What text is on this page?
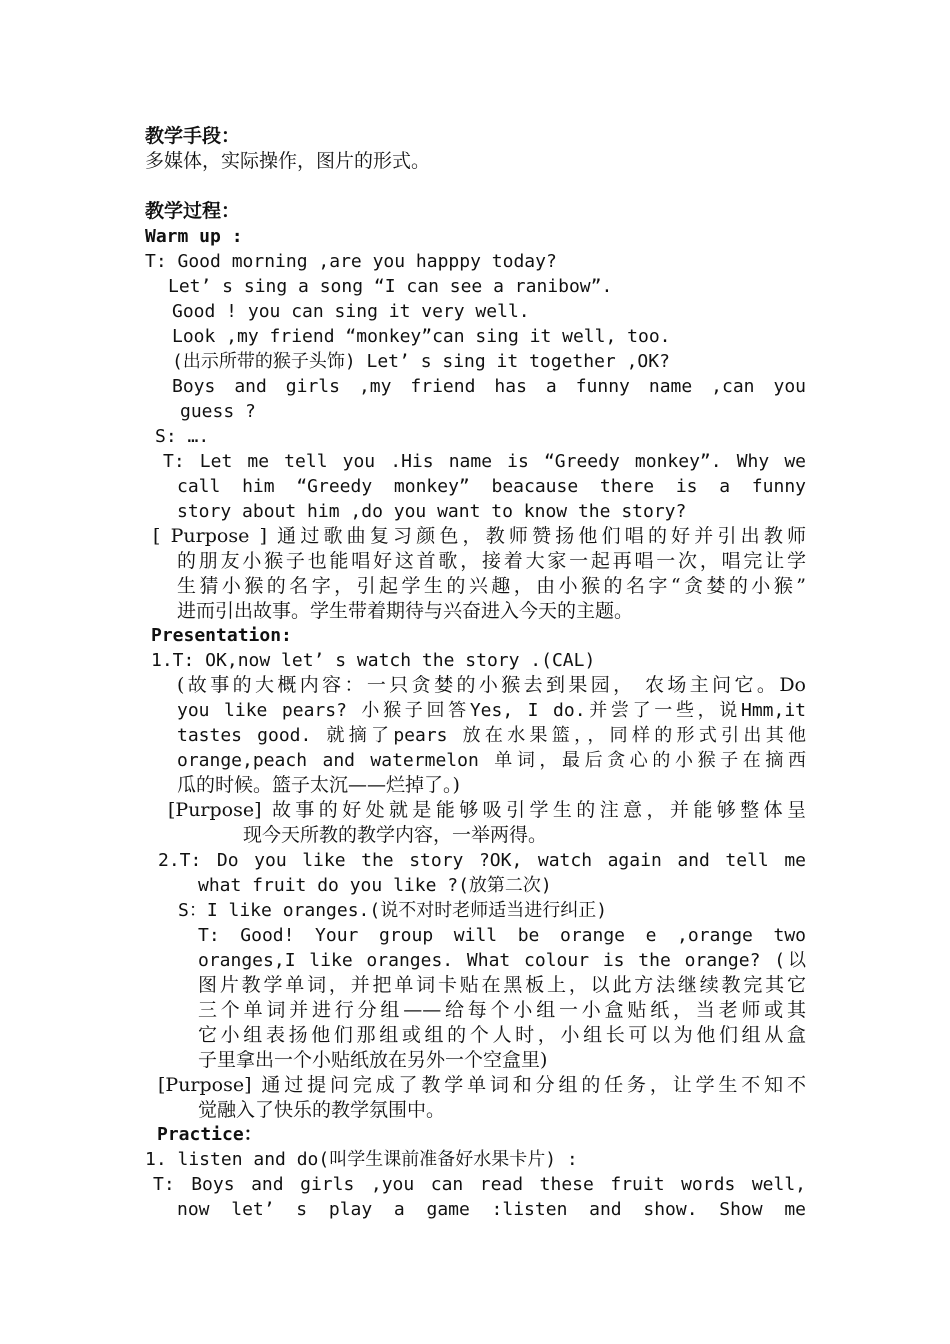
教学手段：
多媒体，实际操作，图片的形式。
教学过程：
Warm up :
T: Good morning ,are you happpy today?
Let’ s sing a song “I can see a ranibow”.
Good ! you can sing it very well.
Look ,my friend “monkey”can sing it well, too.
(出示所带的猴子头饰) Let’ s sing it together ,OK?
Boys and girls ,my friend has a funny name ,can you
guess ?
S: ….
T: Let me tell you .His name is “Greedy monkey”. Why we
call him “Greedy monkey” beacause there is a funny
story about him ,do you want to know the story?
[ Purpose ] 通过歌曲复习颜色，教师赞扬他们唱的好并引出教师
的朋友小猴子也能唱好这首歌，接着大家一起再唱一次，唱完让学
生猜小猴的名字，引起学生的兴趣，由小猴的名字“贪婪的小猴”
进而引出故事。学生带着期待与兴奋进入今天的主题。
Presentation:
1.T: OK,now let’ s watch the story .(CAL)
(故事的大概内容：一只贪婪的小猴去到果园， 农场主问它。Do
you like pears? 小猴子回答Yes, I do.并尝了一些，说Hmm,it
tastes good. 就摘了pears 放在水果篮，，同样的形式引出其他
orange,peach and watermelon 单词，最后贪心的小猴子在摘西
瓜的时候。篮子太沉——烂掉了。)
[Purpose] 故事的好处就是能够吸引学生的注意，并能够整体呈
现今天所教的教学内容，一举两得。
2.T: Do you like the story ?OK, watch again and tell me
what fruit do you like ?(放第二次)
S：I like oranges.(说不对时老师适当进行纠正)
T: Good! Your group will be orange e ,orange two
oranges,I like oranges. What colour is the orange? (以
图片教学单词，并把单词卡贴在黑板上，以此方法继续教完其它
三个单词并进行分组——给每个小组一小盒贴纸，当老师或其
它小组表扬他们那组或组的个人时，小组长可以为他们组从盒
子里拿出一个小贴纸放在另外一个空盒里)
[Purpose] 通过提问完成了教学单词和分组的任务，让学生不知不
觉融入了快乐的教学氛围中。
Practice：
1. listen and do(叫学生课前准备好水果卡片) :
T: Boys and girls ,you can read these fruit words well,
now let’ s play a game :listen and show. Show me
